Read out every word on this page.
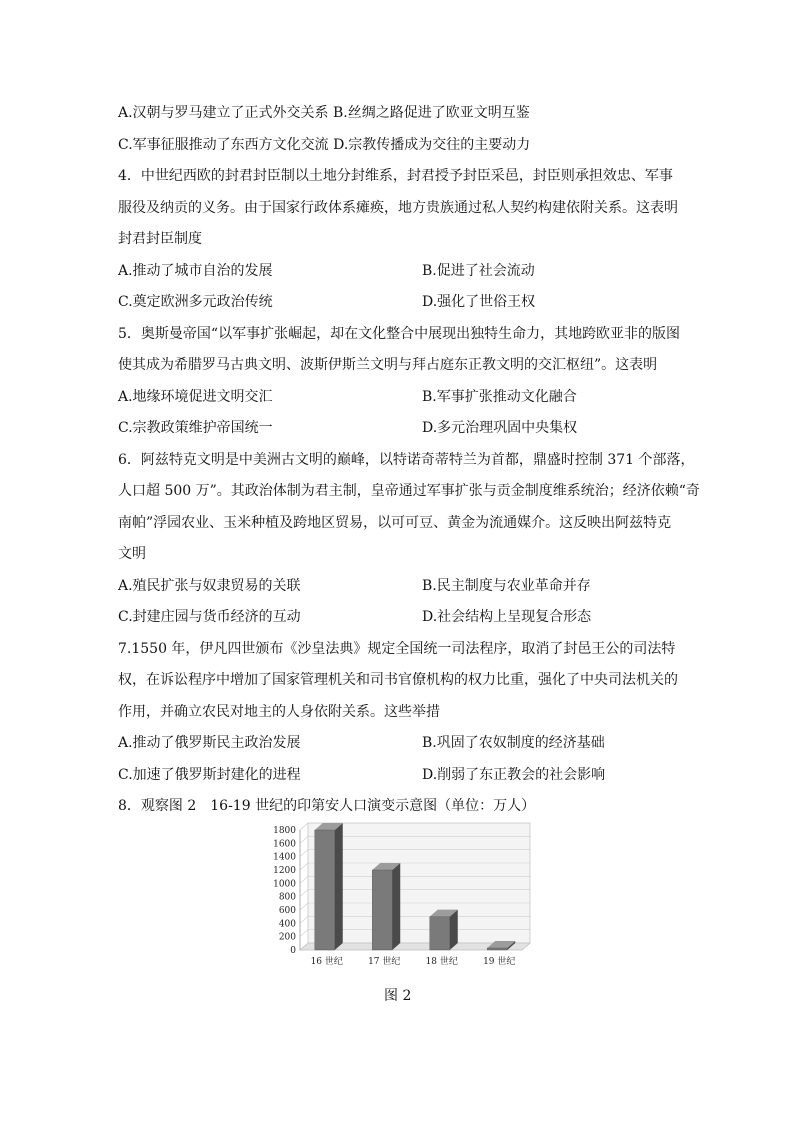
A.汉朝与罗马建立了正式外交关系 B.丝绸之路促进了欧亚文明互鉴
C.军事征服推动了东西方文化交流 D.宗教传播成为交往的主要动力
4．中世纪西欧的封君封臣制以土地分封维系，封君授予封臣采邑，封臣则承担效忠、军事
服役及纳贡的义务。由于国家行政体系瘫痪，地方贵族通过私人契约构建依附关系。这表明
封君封臣制度
A.推动了城市自治的发展	B.促进了社会流动
C.奠定欧洲多元政治传统	D.强化了世俗王权
5．奥斯曼帝国“以军事扩张崛起，却在文化整合中展现出独特生命力，其地跨欧亚非的版图
使其成为希腊罗马古典文明、波斯伊斯兰文明与拜占庭东正教文明的交汇枢纽”。这表明
A.地缘环境促进文明交汇	B.军事扩张推动文化融合
C.宗教政策维护帝国统一	D.多元治理巩固中央集权
6．阿兹特克文明是中美洲古文明的巅峰，以特诺奇蒂特兰为首都，鼎盛时控制 371 个部落，
人口超 500 万”。其政治体制为君主制，皇帝通过军事扩张与贡金制度维系统治；经济依赖“奇
南帕”浮园农业、玉米种植及跨地区贸易，以可可豆、黄金为流通媒介。这反映出阿兹特克
文明
A.殖民扩张与奴隶贸易的关联	B.民主制度与农业革命并存
C.封建庄园与货币经济的互动	D.社会结构上呈现复合形态
7.1550 年，伊凡四世颁布《沙皇法典》规定全国统一司法程序，取消了封邑王公的司法特
权，在诉讼程序中增加了国家管理机关和司书官僚机构的权力比重，强化了中央司法机关的
作用，并确立农民对地主的人身依附关系。这些举措
A.推动了俄罗斯民主政治发展	B.巩固了农奴制度的经济基础
C.加速了俄罗斯封建化的进程	D.削弱了东正教会的社会影响
8．观察图 2　16-19 世纪的印第安人口演变示意图（单位：万人）
0
200
400
600
800
1000
1200
1400
1600
1800
16 世纪	17 世纪	18 世纪	19 世纪
图 2
